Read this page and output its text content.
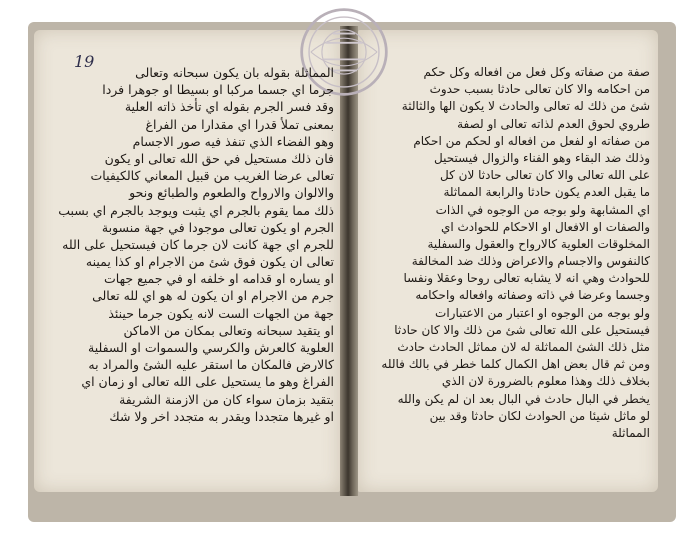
19
صفة من صفاته وكل فعل من افعاله وكل حكم
من احكامه والا كان تعالى حادثا بسبب حدوث
شئ من ذلك له تعالى والحادث لا يكون الها والثالثة
طروي لحوق العدم لذاته تعالى او لصفة
من صفاته او لفعل من افعاله او لحكم من احكام
وذلك ضد البقاء وهو الفناء والزوال فيستحيل
على الله تعالى والا كان تعالى حادثا لان كل
ما يقبل العدم يكون حادثا والرابعة المماثلة
اي المشابهة ولو بوجه من الوجوه في الذات
والصفات او الافعال او الاحكام للحوادث اي
المخلوقات العلوية كالارواح والعقول والسفلية
كالنفوس والاجسام والاعراض وذلك ضد المخالفة
للحوادث وهي انه لا يشابه تعالى روحا وعقلا ونفسا
وجسما وعرضا في ذاته وصفاته وافعاله واحكامه
ولو بوجه من الوجوه او اعتبار من الاعتبارات
فيستحيل على الله تعالى شئ من ذلك والا كان حادثا
مثل ذلك الشئ المماثلة له لان مماثل الحادث حادث
ومن ثم قال بعض اهل الكمال كلما خطر في بالك فالله
بخلاف ذلك وهذا معلوم بالضرورة لان الذي
يخطر في البال حادث في البال بعد ان لم يكن والله
لو ماثل شيئا من الحوادث لكان حادثا وقد بين
المماثلة
المماثلة بقوله بان يكون سبحانه وتعالى
جرما اي جسما مركبا او بسيطا او جوهرا فردا
وقد فسر الجرم بقوله اي تأخذ ذاته العلية
بمعنى تملأ قدرا اي مقدارا من الفراغ
وهو الفضاء الذي تنفذ فيه صور الاجسام
فان ذلك مستحيل في حق الله تعالى او يكون
تعالى عرضا الغريب من قبيل المعاني كالكيفيات
والالوان والارواح والطعوم والطبائع ونحو
ذلك مما يقوم بالجرم اي يثبت ويوجد بالجرم اي بسبب
الجرم او يكون تعالى موجودا في جهة منسوبة
للجرم اي جهة كانت لان جرما كان فيستحيل على الله
تعالى ان يكون فوق شئ من الاجرام او كذا يمينه
او يساره او قدامه او خلفه او في جميع جهات
جرم من الاجرام او ان يكون له هو اي لله تعالى
جهة من الجهات الست لانه يكون جرما حينئذ
او يتقيد سبحانه وتعالى بمكان من الاماكن
العلوية كالعرش والكرسي والسموات او السفلية
كالارض فالمكان ما استقر عليه الشئ والمراد به
الفراغ وهو ما يستحيل على الله تعالى او زمان اي
بتقيد بزمان سواء كان من الازمنة الشريفة
او غيرها متجددا ويقدر به متجدد اخر ولا شك
